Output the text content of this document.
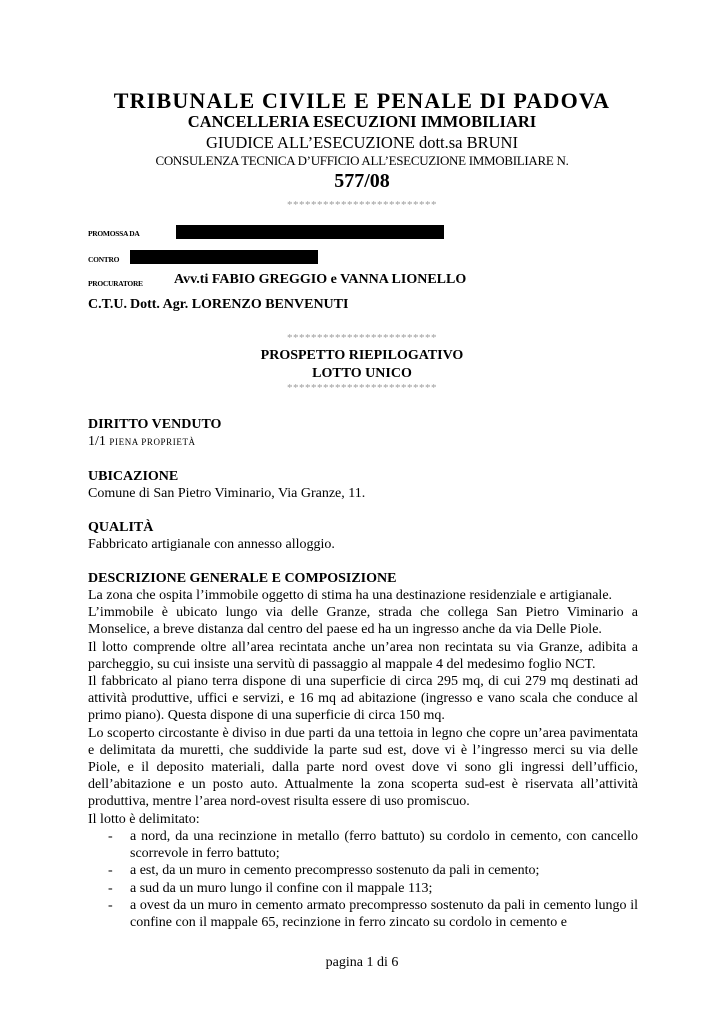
TRIBUNALE CIVILE E PENALE DI PADOVA
CANCELLERIA ESECUZIONI IMMOBILIARI
GIUDICE ALL’ESECUZIONE dott.sa BRUNI
CONSULENZA TECNICA D’UFFICIO ALL’ESECUZIONE IMMOBILIARE N.
577/08
*************************
PROMOSSA DA
CONTRO
PROCURATORE Avv.ti FABIO GREGGIO e VANNA LIONELLO
C.T.U. Dott. Agr. LORENZO BENVENUTI
*************************
PROSPETTO RIEPILOGATIVO
LOTTO UNICO
*************************
DIRITTO VENDUTO
1/1 PIENA PROPRIETÀ
UBICAZIONE
Comune di San Pietro Viminario, Via Granze, 11.
QUALITÀ
Fabbricato artigianale con annesso alloggio.
DESCRIZIONE GENERALE E COMPOSIZIONE

La zona che ospita l’immobile oggetto di stima ha una destinazione residenziale e artigianale.

L’immobile è ubicato lungo via delle Granze, strada che collega San Pietro Viminario a Monselice, a breve distanza dal centro del paese ed ha un ingresso anche da via Delle Piole.

Il lotto comprende oltre all’area recintata anche un’area non recintata su via Granze, adibita a parcheggio, su cui insiste una servitù di passaggio al mappale 4 del medesimo foglio NCT.

Il fabbricato al piano terra dispone di una superficie di circa 295 mq, di cui 279 mq destinati ad attività produttive, uffici e servizi, e 16 mq ad abitazione (ingresso e vano scala che conduce al primo piano). Questa dispone di una superficie di circa 150 mq.

Lo scoperto circostante è diviso in due parti da una tettoia in legno che copre un’area pavimentata e delimitata da muretti, che suddivide la parte sud est, dove vi è l’ingresso merci su via delle Piole, e il deposito materiali, dalla parte nord ovest dove vi sono gli ingressi dell’ufficio, dell’abitazione e un posto auto. Attualmente la zona scoperta sud-est è riservata all’attività produttiva, mentre l’area nord-ovest risulta essere di uso promiscuo.

Il lotto è delimitato:

- a nord, da una recinzione in metallo (ferro battuto) su cordolo in cemento, con cancello scorrevole in ferro battuto;
- a est, da un muro in cemento precompresso sostenuto da pali in cemento;
- a sud da un muro lungo il confine con il mappale 113;
- a ovest da un muro in cemento armato precompresso sostenuto da pali in cemento lungo il confine con il mappale 65, recinzione in ferro zincato su cordolo in cemento e
pagina 1 di 6
